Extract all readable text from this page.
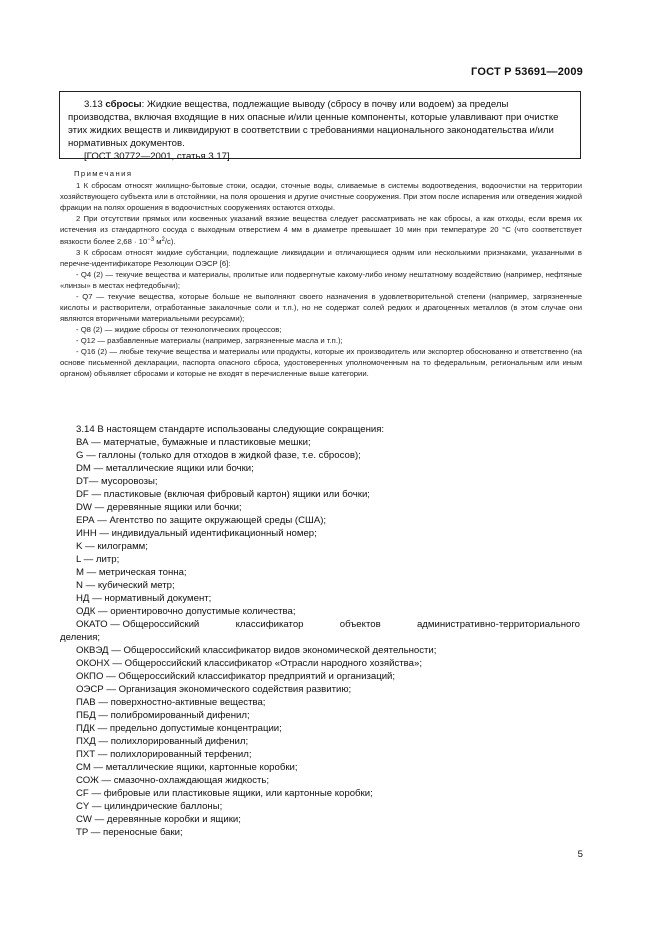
ГОСТ Р 53691—2009

3.13 сбросы: Жидкие вещества, подлежащие выводу (сбросу в почву или водоем) за пределы производства, включая входящие в них опасные и/или ценные компоненты, которые улавливают при очистке этих жидких веществ и ликвидируют в соответствии с требованиями национального законодательства и/или нормативных документов.

[ГОСТ 30772—2001, статья 3.17]

Примечания

1 К сбросам относят жилищно-бытовые стоки, осадки, сточные воды, сливаемые в системы водоотведения, водоочистки на территории хозяйствующего субъекта или в отстойники, на поля орошения и другие очистные сооружения. При этом после испарения или отведения жидкой фракции на полях орошения в водоочистных сооружениях остаются отходы.

2 При отсутствии прямых или косвенных указаний вязкие вещества следует рассматривать не как сбросы, а как отходы, если время их истечения из стандартного сосуда с выходным отверстием 4 мм в диаметре превышает 10 мин при температуре 20 °С (что соответствует вязкости более $2,68 \cdot 10^{-3}$ $м^2/с$).

3 К сбросам относят жидкие субстанции, подлежащие ликвидации и отличающиеся одним или несколькими признаками, указанными в перечне-идентификаторе Резолюции ОЭСР [6]:

- Q4 (2) — текучие вещества и материалы, пролитые или подвергнутые какому-либо иному нештатному воздействию (например, нефтяные «линзы» в местах нефтедобычи);

- Q7 — текучие вещества, которые больше не выполняют своего назначения в удовлетворительной степени (например, загрязненные кислоты и растворители, отработанные закалочные соли и т.п.), но не содержат солей редких и драгоценных металлов (в этом случае они являются вторичными материальными ресурсами);

- Q8 (2) — жидкие сбросы от технологических процессов;

- Q12 — разбавленные материалы (например, загрязненные масла и т.п.);

- Q16 (2) — любые текучие вещества и материалы или продукты, которые их производитель или экспортер обоснованно и ответственно (на основе письменной декларации, паспорта опасного сброса, удостоверенных уполномоченным на то федеральным, региональным или иным органом) объявляет сбросами и которые не входят в перечисленные выше категории.

3.14 В настоящем стандарте использованы следующие сокращения:

ВА — матерчатые, бумажные и пластиковые мешки;

G — галлоны (только для отходов в жидкой фазе, т.е. сбросов);

DM — металлические ящики или бочки;

DT— мусоровозы;

DF — пластиковые (включая фибровый картон) ящики или бочки;

DW — деревянные ящики или бочки;

ЕРА — Агентство по защите окружающей среды (США);

ИНН — индивидуальный идентификационный номер;

K — килограмм;

L — литр;

M — метрическая тонна;

N — кубический метр;

НД — нормативный документ;

ОДК — ориентировочно допустимые количества;

ОКАТО — Общероссийский	классификатор	объектов	административно-территориального

деления;

ОКВЭД — Общероссийский классификатор видов экономической деятельности;

ОКОНХ — Общероссийский классификатор «Отрасли народного хозяйства»;

ОКПО — Общероссийский классификатор предприятий и организаций;

ОЭСР — Организация экономического содействия развитию;

ПАВ — поверхностно-активные вещества;

ПБД — полибромированный дифенил;

ПДК — предельно допустимые концентрации;

ПХД — полихлорированный дифенил;

ПХТ — полихлорированный терфенил;

СМ — металлические ящики, картонные коробки;

СОЖ — смазочно-охлаждающая жидкость;

CF — фибровые или пластиковые ящики, или картонные коробки;

CY — цилиндрические баллоны;

CW — деревянные коробки и ящики;

TP — переносные баки;

5
